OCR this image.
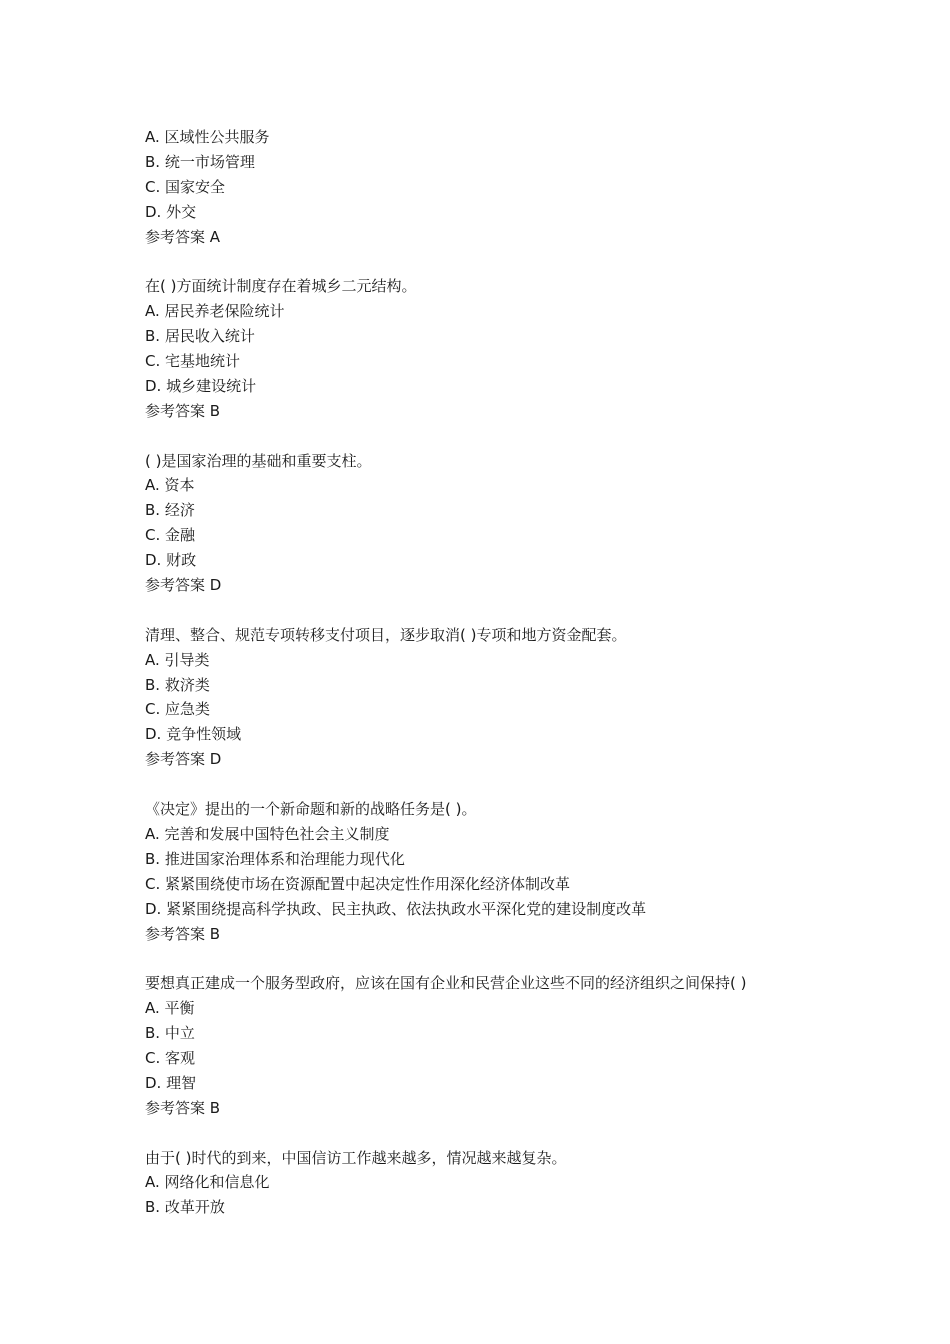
A. 区域性公共服务
B. 统一市场管理
C. 国家安全
D. 外交
参考答案 A
在( )方面统计制度存在着城乡二元结构。
A. 居民养老保险统计
B. 居民收入统计
C. 宅基地统计
D. 城乡建设统计
参考答案 B
( )是国家治理的基础和重要支柱。
A. 资本
B. 经济
C. 金融
D. 财政
参考答案 D
清理、整合、规范专项转移支付项目，逐步取消( )专项和地方资金配套。
A. 引导类
B. 救济类
C. 应急类
D. 竞争性领域
参考答案 D
《决定》提出的一个新命题和新的战略任务是( )。
A. 完善和发展中国特色社会主义制度
B. 推进国家治理体系和治理能力现代化
C. 紧紧围绕使市场在资源配置中起决定性作用深化经济体制改革
D. 紧紧围绕提高科学执政、民主执政、依法执政水平深化党的建设制度改革
参考答案 B
要想真正建成一个服务型政府，应该在国有企业和民营企业这些不同的经济组织之间保持( )
A. 平衡
B. 中立
C. 客观
D. 理智
参考答案 B
由于( )时代的到来，中国信访工作越来越多，情况越来越复杂。
A. 网络化和信息化
B. 改革开放
